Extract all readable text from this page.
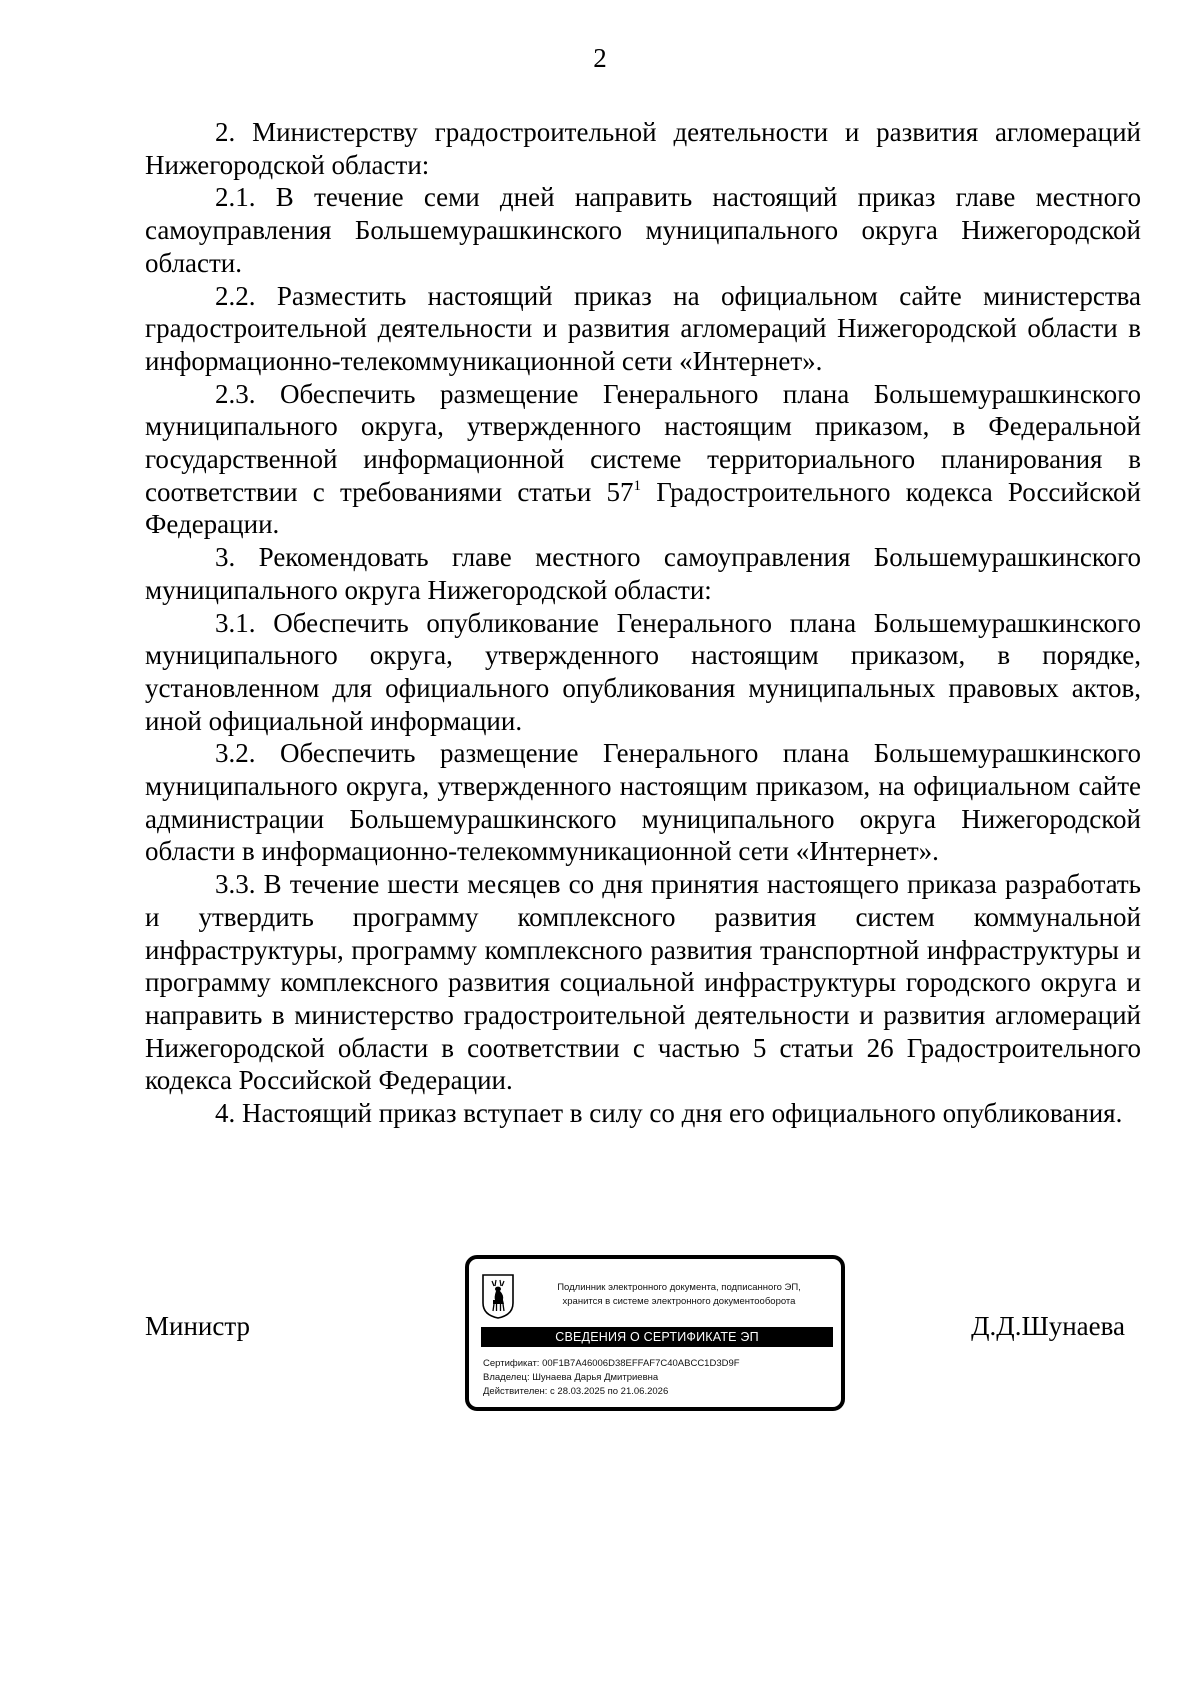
2

2. Министерству градостроительной деятельности и развития агломераций Нижегородской области:

2.1. В течение семи дней направить настоящий приказ главе местного самоуправления Большемурашкинского муниципального округа Нижегородской области.

2.2. Разместить настоящий приказ на официальном сайте министерства градостроительной деятельности и развития агломераций Нижегородской области в информационно-телекоммуникационной сети «Интернет».

2.3. Обеспечить размещение Генерального плана Большемурашкинского муниципального округа, утвержденного настоящим приказом, в Федеральной государственной информационной системе территориального планирования в соответствии с требованиями статьи $57^1$ Градостроительного кодекса Российской Федерации.

3. Рекомендовать главе местного самоуправления Большемурашкинского муниципального округа Нижегородской области:

3.1. Обеспечить опубликование Генерального плана Большемурашкинского муниципального округа, утвержденного настоящим приказом, в порядке, установленном для официального опубликования муниципальных правовых актов, иной официальной информации.

3.2. Обеспечить размещение Генерального плана Большемурашкинского муниципального округа, утвержденного настоящим приказом, на официальном сайте администрации Большемурашкинского муниципального округа Нижегородской области в информационно-телекоммуникационной сети «Интернет».

3.3. В течение шести месяцев со дня принятия настоящего приказа разработать и утвердить программу комплексного развития систем коммунальной инфраструктуры, программу комплексного развития транспортной инфраструктуры и программу комплексного развития социальной инфраструктуры городского округа и направить в министерство градостроительной деятельности и развития агломераций Нижегородской области в соответствии с частью 5 статьи 26 Градостроительного кодекса Российской Федерации.

4. Настоящий приказ вступает в силу со дня его официального опубликования.

Министр	Д.Д.Шунаева
Подлинник электронного документа, подписанного ЭП,
хранится в системе электронного документооборота
СВЕДЕНИЯ О СЕРТИФИКАТЕ ЭП
Сертификат: 00F1B7A46006D38EFFAF7C40ABCC1D3D9F
Владелец: Шунаева Дарья Дмитриевна
Действителен: с 28.03.2025 по 21.06.2026
